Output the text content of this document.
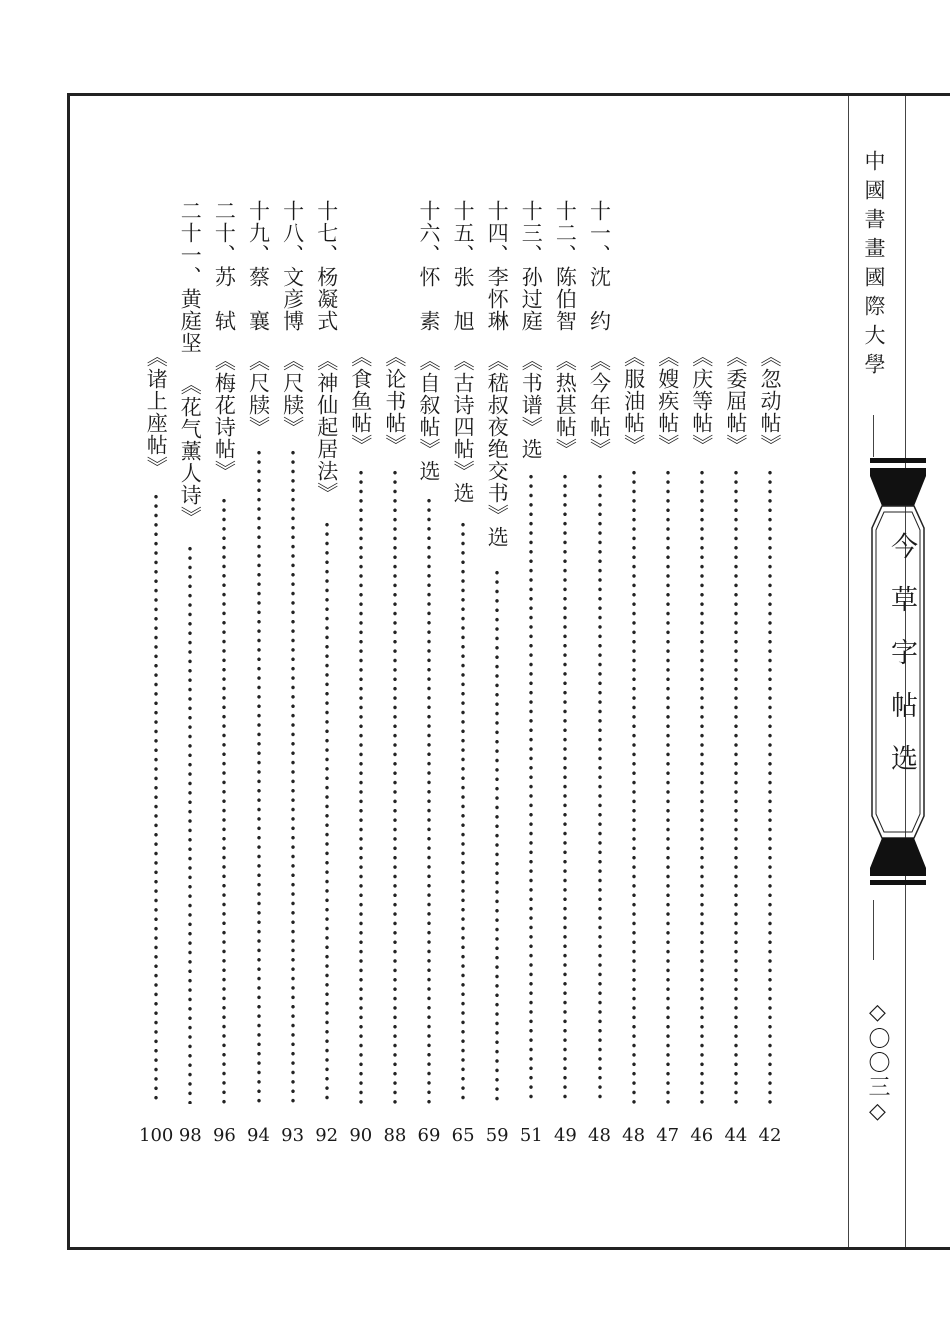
《忽动帖》
42
《委屈帖》
44
《庆等帖》
46
《嫂疾帖》
47
《服油帖》
48
十一、沈　约
《今年帖》
48
十二、陈伯智
《热甚帖》
49
十三、孙过庭
《书谱》选
51
十四、李怀琳
《嵇叔夜绝交书》选
59
十五、张　旭
《古诗四帖》选
65
十六、怀　素
《自叙帖》选
69
《论书帖》
88
《食鱼帖》
90
十七、杨凝式
《神仙起居法》
92
十八、文彦博
《尺牍》
93
十九、蔡　襄
《尺牍》
94
二十、苏　轼
《梅花诗帖》
96
二十一、黄庭坚
《花气薰人诗》
98
《诸上座帖》
100
中國書畫國際大學
今草字帖选
◇〇〇三◇
